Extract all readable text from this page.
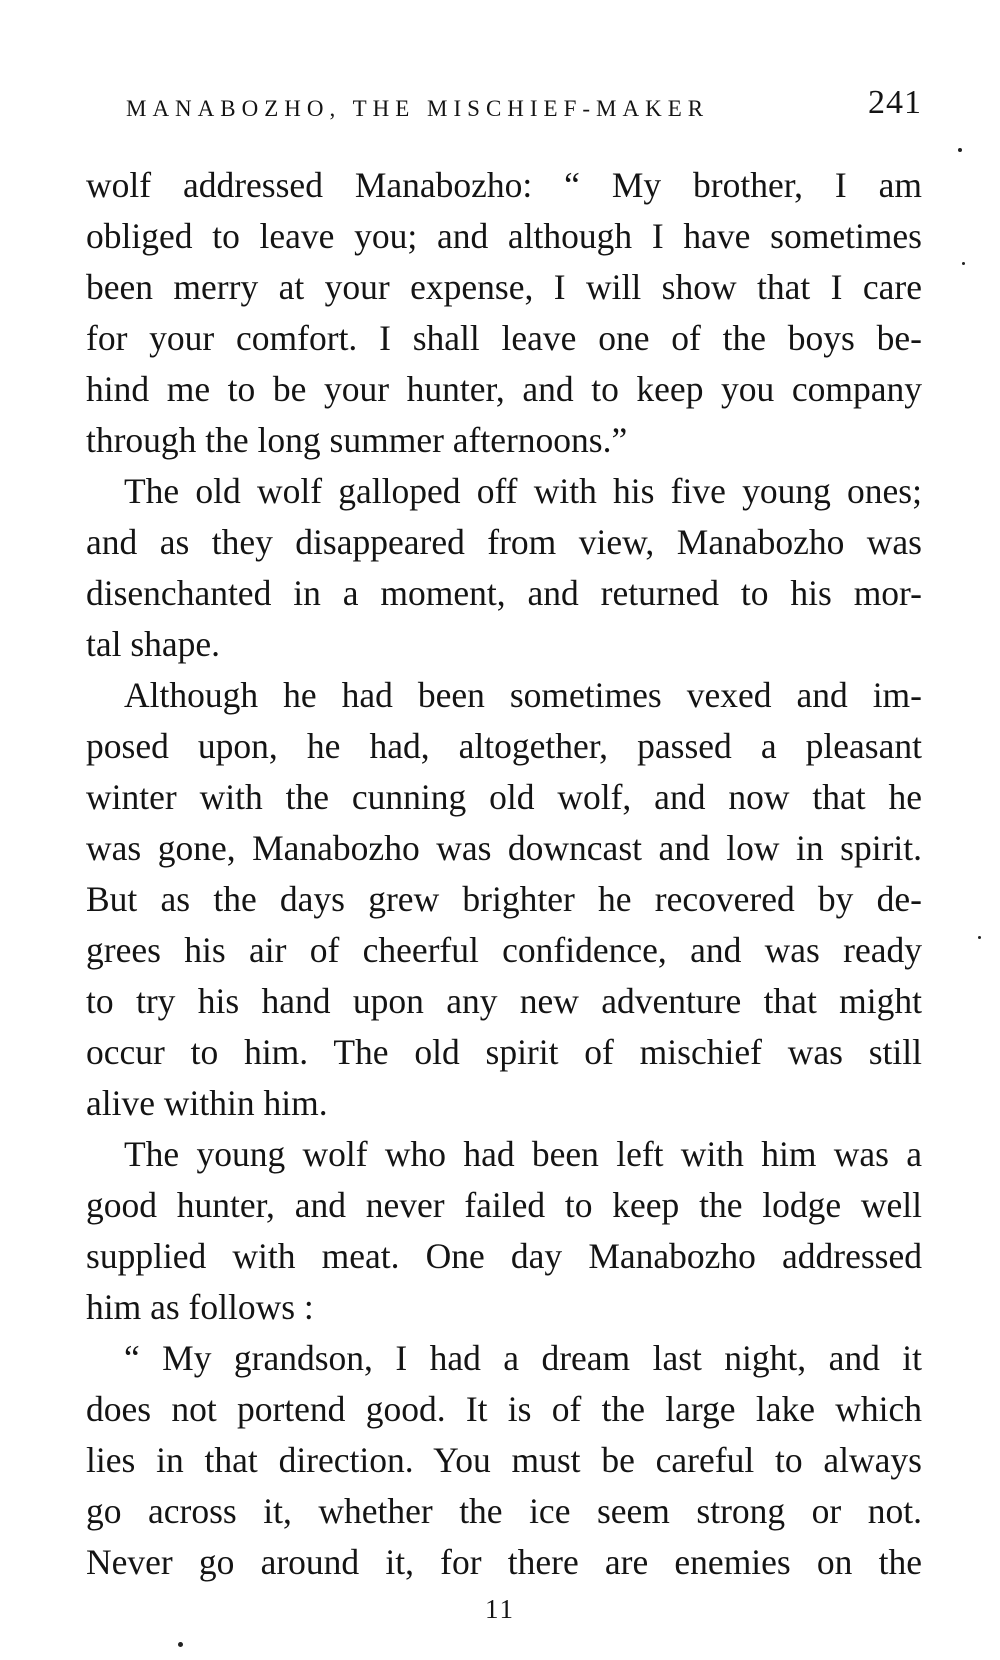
MANABOZHO, THE MISCHIEF-MAKER	241
wolf addressed Manabozho: “ My brother, I am
obliged to leave you; and although I have sometimes
been merry at your expense, I will show that I care
for your comfort. I shall leave one of the boys be-
hind me to be your hunter, and to keep you company
through the long summer afternoons.”
The old wolf galloped off with his five young ones;
and as they disappeared from view, Manabozho was
disenchanted in a moment, and returned to his mor-
tal shape.
Although he had been sometimes vexed and im-
posed upon, he had, altogether, passed a pleasant
winter with the cunning old wolf, and now that he
was gone, Manabozho was downcast and low in spirit.
But as the days grew brighter he recovered by de-
grees his air of cheerful confidence, and was ready
to try his hand upon any new adventure that might
occur to him. The old spirit of mischief was still
alive within him.
The young wolf who had been left with him was a
good hunter, and never failed to keep the lodge well
supplied with meat. One day Manabozho addressed
him as follows :
“ My grandson, I had a dream last night, and it
does not portend good. It is of the large lake which
lies in that direction. You must be careful to always
go across it, whether the ice seem strong or not.
Never go around it, for there are enemies on the
11
